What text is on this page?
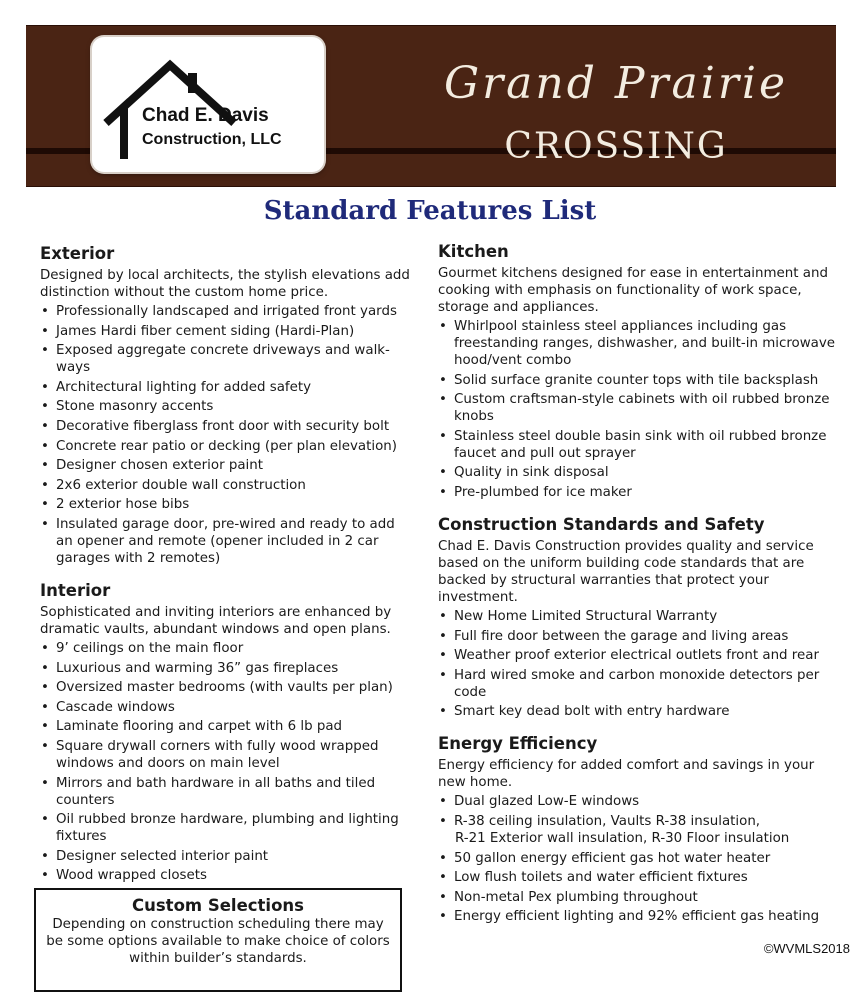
Grand Prairie
CROSSING
Chad E. Davis
Construction, LLC
Standard Features List
Exterior
Designed by local architects, the stylish elevations add distinction without the custom home price.
• Professionally landscaped and irrigated front yards
• James Hardi fiber cement siding (Hardi-Plan)
• Exposed aggregate concrete driveways and walk-ways
• Architectural lighting for added safety
• Stone masonry accents
• Decorative fiberglass front door with security bolt
• Concrete rear patio or decking (per plan elevation)
• Designer chosen exterior paint
• 2x6 exterior double wall construction
• 2 exterior hose bibs
• Insulated garage door, pre-wired and ready to add an opener and remote (opener included in 2 car garages with 2 remotes)
Interior
Sophisticated and inviting interiors are enhanced by dramatic vaults, abundant windows and open plans.
• 9’ ceilings on the main floor
• Luxurious and warming 36” gas fireplaces
• Oversized master bedrooms (with vaults per plan)
• Cascade windows
• Laminate flooring and carpet with 6 lb pad
• Square drywall corners with fully wood wrapped windows and doors on main level
• Mirrors and bath hardware in all baths and tiled counters
• Oil rubbed bronze hardware, plumbing and lighting fixtures
• Designer selected interior paint
• Wood wrapped closets
Custom Selections
Depending on construction scheduling there may be some options available to make choice of colors within builder’s standards.
Kitchen
Gourmet kitchens designed for ease in entertainment and cooking with emphasis on functionality of work space, storage and appliances.
• Whirlpool stainless steel appliances including gas freestanding ranges, dishwasher, and built-in microwave hood/vent combo
• Solid surface granite counter tops with tile backsplash
• Custom craftsman-style cabinets with oil rubbed bronze knobs
• Stainless steel double basin sink with oil rubbed bronze faucet and pull out sprayer
• Quality in sink disposal
• Pre-plumbed for ice maker
Construction Standards and Safety
Chad E. Davis Construction provides quality and service based on the uniform building code standards that are backed by structural warranties that protect your investment.
• New Home Limited Structural Warranty
• Full fire door between the garage and living areas
• Weather proof exterior electrical outlets front and rear
• Hard wired smoke and carbon monoxide detectors per code
• Smart key dead bolt with entry hardware
Energy Efficiency
Energy efficiency for added comfort and savings in your new home.
• Dual glazed Low-E windows
• R-38 ceiling insulation, Vaults R-38 insulation,
R-21 Exterior wall insulation, R-30 Floor insulation
• 50 gallon energy efficient gas hot water heater
• Low flush toilets and water efficient fixtures
• Non-metal Pex plumbing throughout
• Energy efficient lighting and 92% efficient gas heating
©WVMLS2018
